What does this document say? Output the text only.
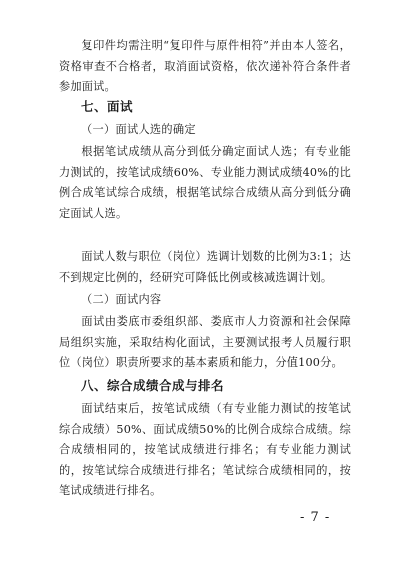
复印件均需注明“复印件与原件相符”并由本人签名，资格审查不合格者，取消面试资格，依次递补符合条件者参加面试。

七、面试

（一）面试人选的确定

根据笔试成绩从高分到低分确定面试人选；有专业能力测试的，按笔试成绩60%、专业能力测试成绩40%的比例合成笔试综合成绩，根据笔试综合成绩从高分到低分确定面试人选。

面试人数与职位（岗位）选调计划数的比例为3:1；达不到规定比例的，经研究可降低比例或核减选调计划。

（二）面试内容

面试由娄底市委组织部、娄底市人力资源和社会保障局组织实施，采取结构化面试，主要测试报考人员履行职位（岗位）职责所要求的基本素质和能力，分值100分。

八、综合成绩合成与排名

面试结束后，按笔试成绩（有专业能力测试的按笔试综合成绩）50%、面试成绩50%的比例合成综合成绩。综合成绩相同的，按笔试成绩进行排名；有专业能力测试的，按笔试综合成绩进行排名；笔试综合成绩相同的，按笔试成绩进行排名。

- 7 -
